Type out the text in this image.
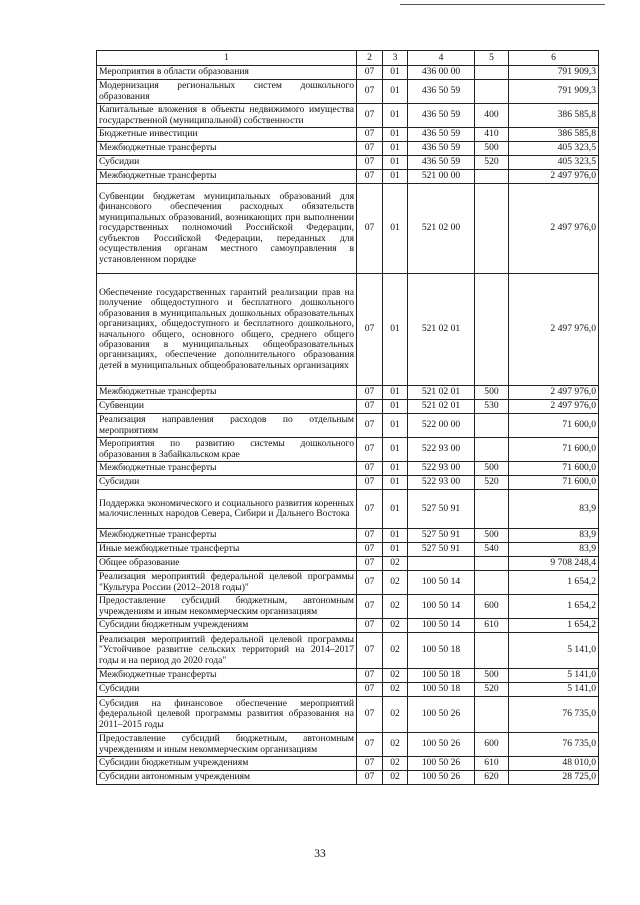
1	2	3	4	5	6
Мероприятия в области образования	07	01	436 00 00		791 909,3
Модернизация региональных систем дошкольного образования	07	01	436 50 59		791 909,3
Капитальные вложения в объекты недвижимого имущества государственной (муниципальной) собственности	07	01	436 50 59	400	386 585,8
Бюджетные инвестиции	07	01	436 50 59	410	386 585,8
Межбюджетные трансферты	07	01	436 50 59	500	405 323,5
Субсидии	07	01	436 50 59	520	405 323,5
Межбюджетные трансферты	07	01	521 00 00		2 497 976,0
Субвенции бюджетам муниципальных образований для финансового обеспечения расходных обязательств муниципальных образований, возникающих при выполнении государственных полномочий Российской Федерации, субъектов Российской Федерации, переданных для осуществления органам местного самоуправления в установленном порядке	07	01	521 02 00		2 497 976,0
Обеспечение государственных гарантий реализации прав на получение общедоступного и бесплатного дошкольного образования в муниципальных дошкольных образовательных организациях, общедоступного и бесплатного дошкольного, начального общего, основного общего, среднего общего образования в муниципальных общеобразовательных организациях, обеспечение дополнительного образования детей в муниципальных общеобразовательных организациях	07	01	521 02 01		2 497 976,0
Межбюджетные трансферты	07	01	521 02 01	500	2 497 976,0
Субвенции	07	01	521 02 01	530	2 497 976,0
Реализация направления расходов по отдельным мероприятиям	07	01	522 00 00		71 600,0
Мероприятия по развитию системы дошкольного образования в Забайкальском крае	07	01	522 93 00		71 600,0
Межбюджетные трансферты	07	01	522 93 00	500	71 600,0
Субсидии	07	01	522 93 00	520	71 600,0
Поддержка экономического и социального развития коренных малочисленных народов Севера, Сибири и Дальнего Востока	07	01	527 50 91		83,9
Межбюджетные трансферты	07	01	527 50 91	500	83,9
Иные межбюджетные трансферты	07	01	527 50 91	540	83,9
Общее образование	07	02			9 708 248,4
Реализация мероприятий федеральной целевой программы "Культура России (2012–2018 годы)"	07	02	100 50 14		1 654,2
Предоставление субсидий бюджетным, автономным учреждениям и иным некоммерческим организациям	07	02	100 50 14	600	1 654,2
Субсидии бюджетным учреждениям	07	02	100 50 14	610	1 654,2
Реализация мероприятий федеральной целевой программы "Устойчивое развитие сельских территорий на 2014–2017 годы и на период до 2020 года"	07	02	100 50 18		5 141,0
Межбюджетные трансферты	07	02	100 50 18	500	5 141,0
Субсидии	07	02	100 50 18	520	5 141,0
Субсидия на финансовое обеспечение мероприятий федеральной целевой программы развития образования на 2011–2015 годы	07	02	100 50 26		76 735,0
Предоставление субсидий бюджетным, автономным учреждениям и иным некоммерческим организациям	07	02	100 50 26	600	76 735,0
Субсидии бюджетным учреждениям	07	02	100 50 26	610	48 010,0
Субсидии автономным учреждениям	07	02	100 50 26	620	28 725,0
33
